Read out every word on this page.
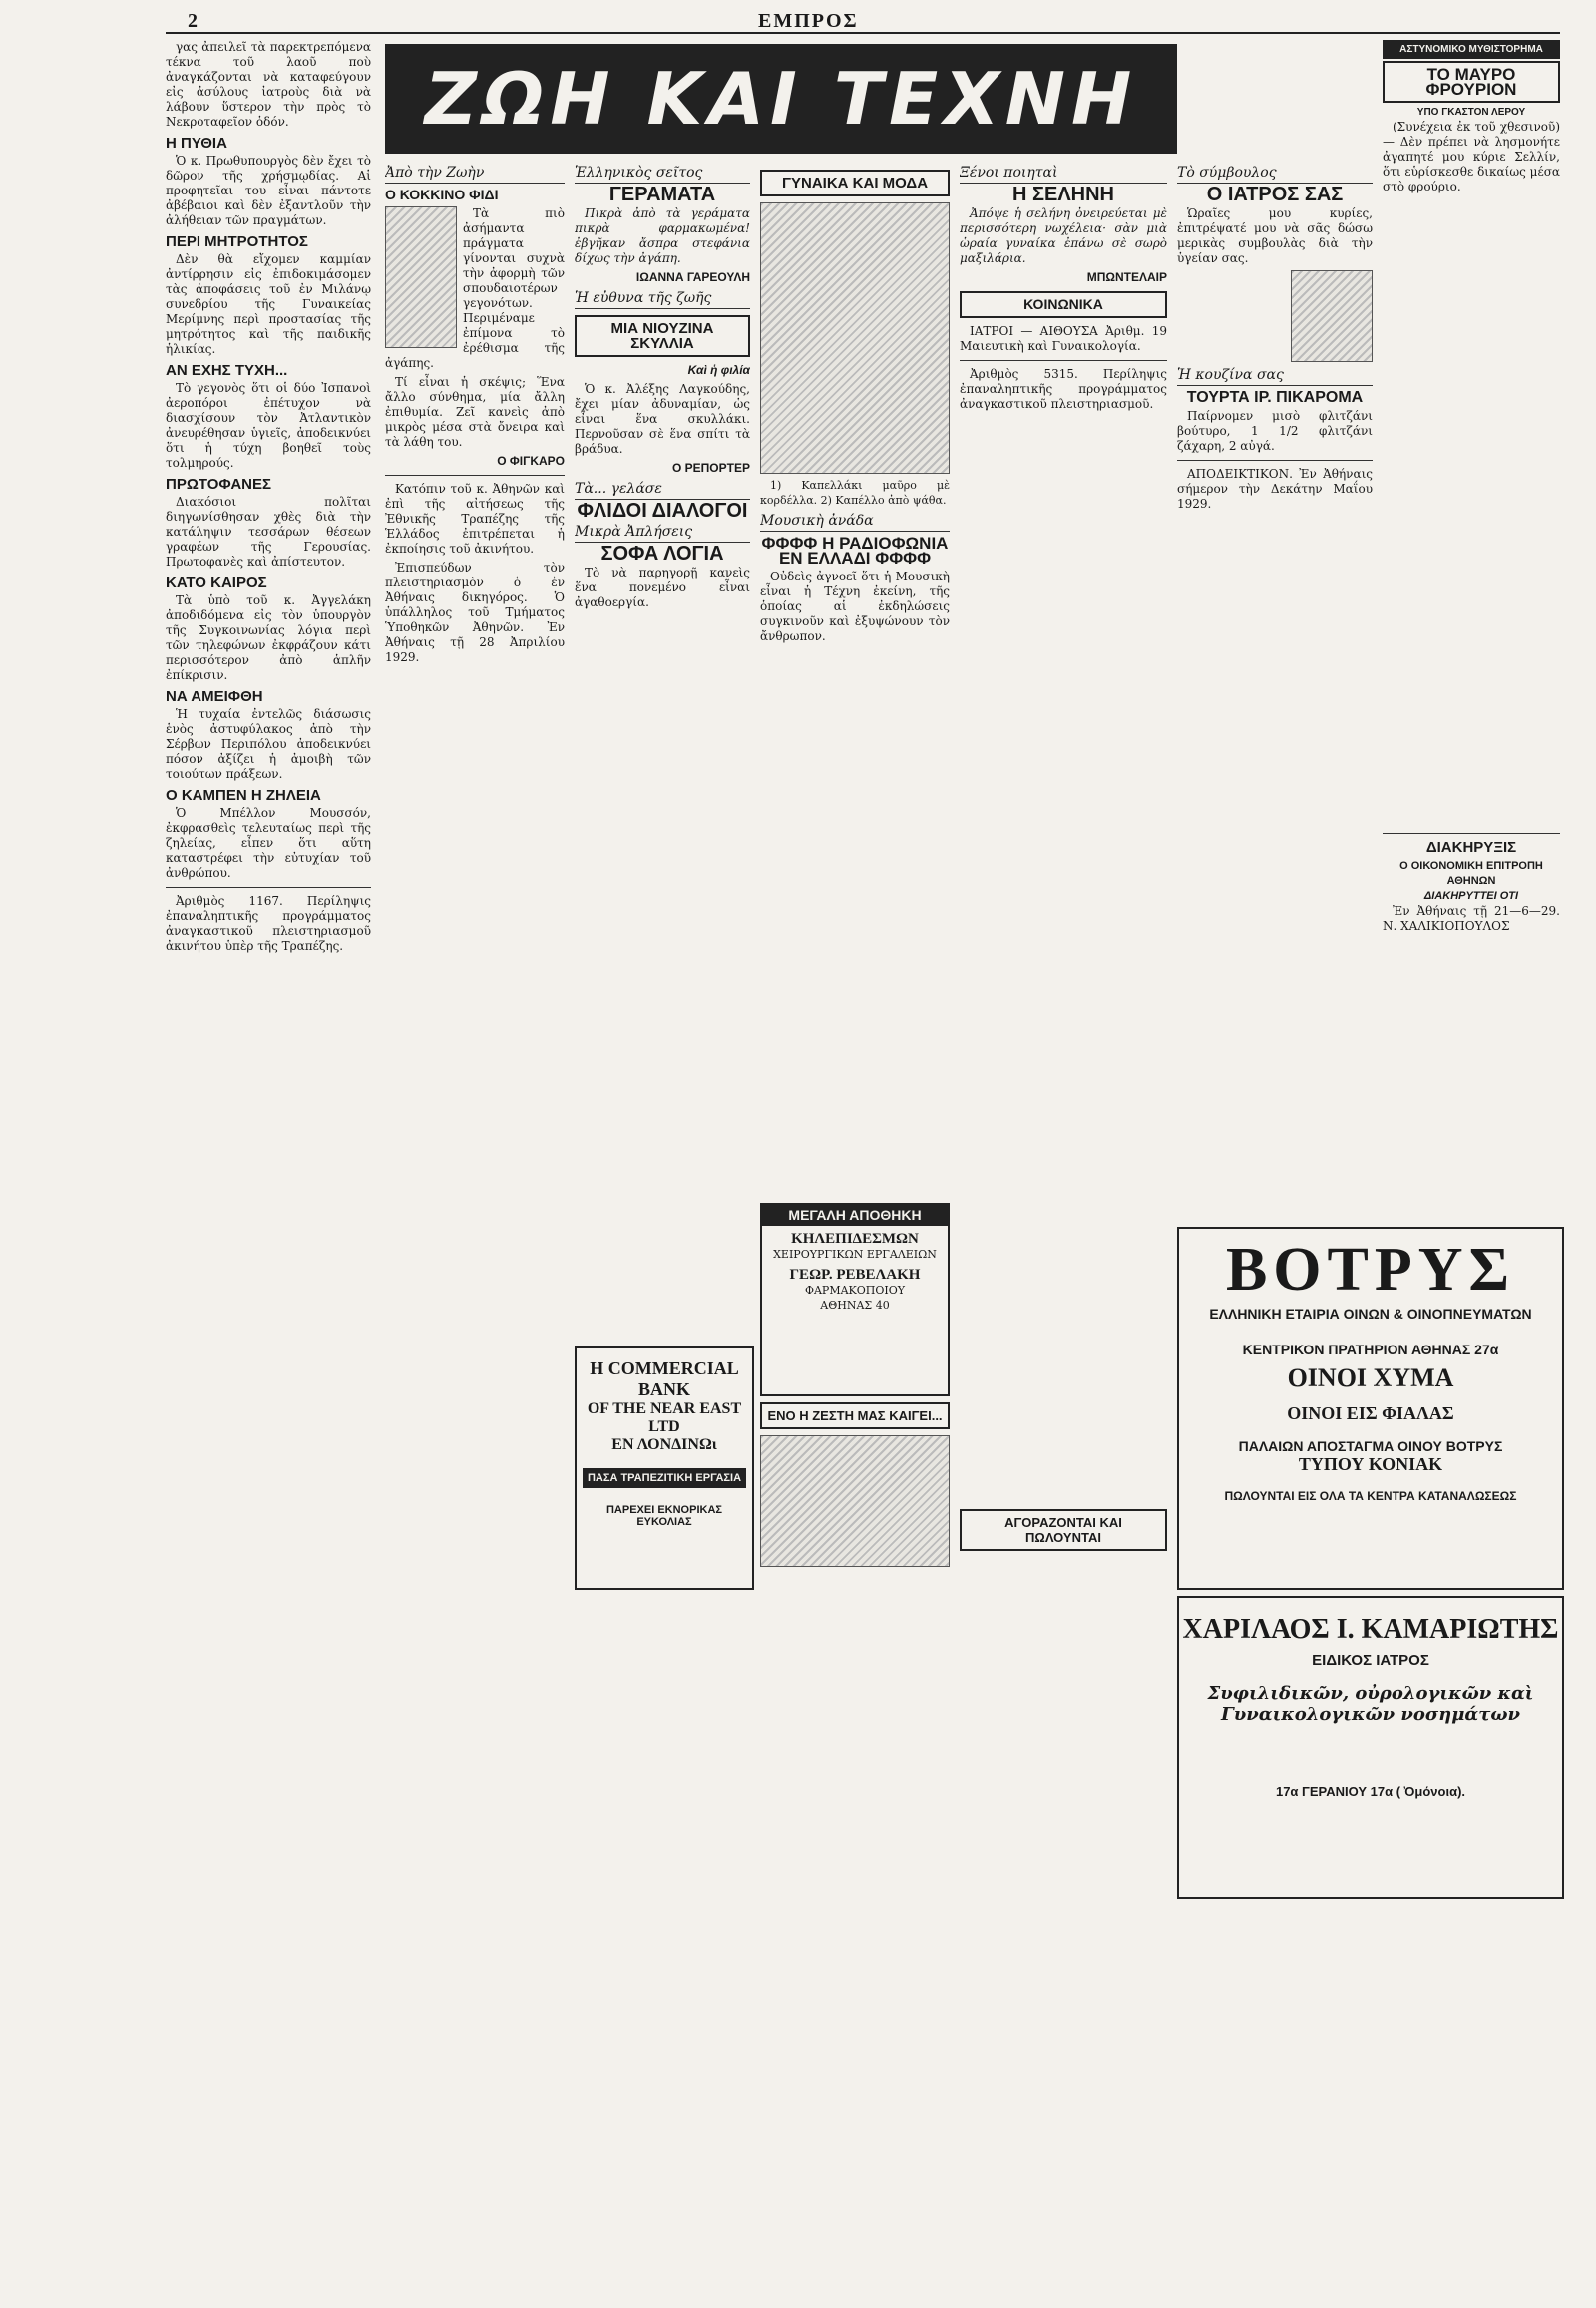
2	ΕΜΠΡΟΣ

γας ἀπειλεῖ τὰ παρεκτρεπόμενα τέκνα τοῦ λαοῦ ποὺ ἀναγκάζονται νὰ καταφεύγουν εἰς ἀσύλους ἰατροὺς διὰ νὰ λάβουν ὕστερον τὴν πρὸς τὸ Νεκροταφεῖον ὁδόν.

Η ΠΥΘΙΑ

Ὁ κ. Πρωθυπουργὸς δὲν ἔχει τὸ δῶρον τῆς χρήσμῳδίας. Αἱ προφητεῖαι του εἶναι πάντοτε ἀβέβαιοι καὶ δὲν ἐξαντλοῦν τὴν ἀλήθειαν τῶν πραγμάτων.

ΠΕΡΙ ΜΗΤΡΟΤΗΤΟΣ

Δὲν θὰ εἴχομεν καμμίαν ἀντίρρησιν εἰς ἐπιδοκιμάσομεν τὰς ἀποφάσεις τοῦ ἐν Μιλάνῳ συνεδρίου τῆς Γυναικείας Μερίμνης περὶ προστασίας τῆς μητρότητος καὶ τῆς παιδικῆς ἡλικίας.

ΑΝ ΕΧΗΣ ΤΥΧΗ...

Τὸ γεγονὸς ὅτι οἱ δύο Ἰσπανοὶ ἀεροπόροι ἐπέτυχον νὰ διασχίσουν τὸν Ἀτλαντικὸν ἀνευρέθησαν ὑγιεῖς, ἀποδεικνύει ὅτι ἡ τύχη βοηθεῖ τοὺς τολμηρούς.

ΠΡΩΤΟΦΑΝΕΣ

Διακόσιοι πολῖται διηγωνίσθησαν χθὲς διὰ τὴν κατάληψιν τεσσάρων θέσεων γραφέων τῆς Γερουσίας. Πρωτοφανὲς καὶ ἀπίστευτον.

ΚΑΤΟ ΚΑΙΡΟΣ

Τὰ ὑπὸ τοῦ κ. Ἀγγελάκη ἀποδιδόμενα εἰς τὸν ὑπουργὸν τῆς Συγκοινωνίας λόγια περὶ τῶν τηλεφώνων ἐκφράζουν κάτι περισσότερον ἀπὸ ἁπλῆν ἐπίκρισιν.

ΝΑ ΑΜΕΙΦΘΗ

Ἡ τυχαία ἐντελῶς διάσωσις ἑνὸς ἀστυφύλακος ἀπὸ τὴν Σέρβων Περιπόλου ἀποδεικνύει πόσον ἀξίζει ἡ ἀμοιβὴ τῶν τοιούτων πράξεων.

Ο ΚΑΜΠΕΝ Η ΖΗΛΕΙΑ

Ὁ Μπέλλον Μουσσόν, ἐκφρασθεὶς τελευταίως περὶ τῆς ζηλείας, εἶπεν ὅτι αὕτη καταστρέφει τὴν εὐτυχίαν τοῦ ἀνθρώπου.

Ἀριθμὸς 1167. Περίληψις ἐπαναληπτικῆς προγράμματος ἀναγκαστικοῦ πλειστηριασμοῦ ἀκινήτου ὑπὲρ τῆς Τραπέζης.

ΖΩΗ ΚΑΙ ΤΕΧΝΗ
Ἀπὸ τὴν Ζωὴν
Ο ΚΟΚΚΙΝΟ ΦΙΔΙ

Τὰ πιὸ ἀσήμαντα πράγματα γίνονται συχνὰ τὴν ἀφορμὴ τῶν σπουδαιοτέρων γεγονότων. Περιμέναμε ἐπίμονα τὸ ἐρέθισμα τῆς ἀγάπης.

Τί εἶναι ἡ σκέψις; Ἕνα ἄλλο σύνθημα, μία ἄλλη ἐπιθυμία. Ζεῖ κανεὶς ἀπὸ μικρὸς μέσα στὰ ὄνειρα καὶ τὰ λάθη του.

Ο ΦΙΓΚΑΡΟ

Κατόπιν τοῦ κ. Ἀθηνῶν καὶ ἐπὶ τῆς αἰτήσεως τῆς Ἐθνικῆς Τραπέζης τῆς Ἑλλάδος ἐπιτρέπεται ἡ ἐκποίησις τοῦ ἀκινήτου.

Ἐπισπεύδων τὸν πλειστηριασμὸν ὁ ἐν Ἀθήναις δικηγόρος. Ὁ ὑπάλληλος τοῦ Τμήματος Ὑποθηκῶν Ἀθηνῶν. Ἐν Ἀθήναις τῇ 28 Ἀπριλίου 1929.

Ἑλληνικὸς σεῖτος
ΓΕΡΑΜΑΤΑ

Πικρὰ ἀπὸ τὰ γεράματα πικρὰ φαρμακωμένα! ἐβγῆκαν ἄσπρα στεφάνια δίχως τὴν ἀγάπη.

ΙΩΑΝΝΑ ΓΑΡΕΟΥΛΗ
Ἡ εὐθυνα τῆς ζωῆς
ΜΙΑ ΝΙΟΥΖΙΝΑ ΣΚΥΛΛΙΑ
Καὶ ἡ φιλία

Ὁ κ. Ἀλέξης Λαγκούδης, ἔχει μίαν ἀδυναμίαν, ὡς εἶναι ἕνα σκυλλάκι. Περνοῦσαν σὲ ἕνα σπίτι τὰ βράδυα.

Ο ΡΕΠΟΡΤΕΡ
Τὰ... γελάσε
ΦΛΙΔΟΙ ΔΙΑΛΟΓΟΙ
Μικρὰ Ἀπλήσεις
ΣΟΦΑ ΛΟΓΙΑ

Τὸ νὰ παρηγορῇ κανεὶς ἕνα πονεμένο εἶναι ἀγαθοεργία.

Η COMMERCIAL BANK
OF THE NEAR EAST LTD
ΕΝ ΛΟΝΔΙΝΩι
ΠΑΣΑ ΤΡΑΠΕΖΙΤΙΚΗ ΕΡΓΑΣΙΑ
ΠΑΡΕΧΕΙ ΕΚΝΟΡΙΚΑΣ ΕΥΚΟΛΙΑΣ
ΓΥΝΑΙΚΑ ΚΑΙ ΜΟΔΑ

1) Καπελλάκι μαῦρο μὲ κορδέλλα. 2) Καπέλλο ἀπὸ ψάθα.

Μουσικὴ ἀνάδα
ΦΦΦΦ Η ΡΑΔΙΟΦΩΝΙΑ ΕΝ ΕΛΛΑΔΙ ΦΦΦΦ

Οὐδεὶς ἀγνοεῖ ὅτι ἡ Μουσικὴ εἶναι ἡ Τέχνη ἐκείνη, τῆς ὁποίας αἱ ἐκδηλώσεις συγκινοῦν καὶ ἐξυψώνουν τὸν ἄνθρωπον.

ΜΕΓΑΛΗ ΑΠΟΘΗΚΗ
ΚΗΛΕΠΙΔΕΣΜΩΝ
ΧΕΙΡΟΥΡΓΙΚΩΝ ΕΡΓΑΛΕΙΩΝ
ΓΕΩΡ. ΡΕΒΕΛΑΚΗ
ΦΑΡΜΑΚΟΠΟΙΟΥ
ΑΘΗΝΑΣ 40
ΕΝΟ Η ΖΕΣΤΗ ΜΑΣ ΚΑΙΓΕΙ...
Ξένοι ποιηταὶ
Η ΣΕΛΗΝΗ

Ἀπόψε ἡ σελήνη ὀνειρεύεται μὲ περισσότερη νωχέλεια· σὰν μιὰ ὡραία γυναίκα ἐπάνω σὲ σωρὸ μαξιλάρια.

ΜΠΩΝΤΕΛΑΙΡ
ΚΟΙΝΩΝΙΚΑ

ΙΑΤΡΟΙ — ΑΙΘΟΥΣΑ Ἀριθμ. 19 Μαιευτικὴ καὶ Γυναικολογία.

Ἀριθμὸς 5315. Περίληψις ἐπαναληπτικῆς προγράμματος ἀναγκαστικοῦ πλειστηριασμοῦ.

ΑΓΟΡΑΖΟΝΤΑΙ ΚΑΙ ΠΩΛΟΥΝΤΑΙ
Τὸ σύμβουλος
Ο ΙΑΤΡΟΣ ΣΑΣ

Ὡραῖες μου κυρίες, ἐπιτρέψατέ μου νὰ σᾶς δώσω μερικὰς συμβουλὰς διὰ τὴν ὑγείαν σας.

Ἡ κουζίνα σας
ΤΟΥΡΤΑ ΙΡ. ΠΙΚΑΡΟΜΑ

Παίρνομεν μισὸ φλιτζάνι βούτυρο, 1 1/2 φλιτζάνι ζάχαρη, 2 αὐγά.

ΑΠΟΔΕΙΚΤΙΚΟΝ. Ἐν Ἀθήναις σήμερον τὴν Δεκάτην Μαΐου 1929.

ΑΣΤΥΝΟΜΙΚΟ ΜΥΘΙΣΤΟΡΗΜΑ
ΤΟ ΜΑΥΡΟ ΦΡΟΥΡΙΟΝ
ΥΠΟ ΓΚΑΣΤΟΝ ΛΕΡΟΥ

(Συνέχεια ἐκ τοῦ χθεσινοῦ) — Δὲν πρέπει νὰ λησμονήτε ἀγαπητέ μου κύριε Σελλίν, ὅτι εὑρίσκεσθε δικαίως μέσα στὸ φρούριο.

ΔΙΑΚΗΡΥΞΙΣ
Ο ΟΙΚΟΝΟΜΙΚΗ ΕΠΙΤΡΟΠΗ ΑΘΗΝΩΝ
ΔΙΑΚΗΡΥΤΤΕΙ ΟΤΙ

Ἐν Ἀθήναις τῇ 21—6—29. Ν. ΧΑΛΙΚΙΟΠΟΥΛΟΣ

ΒΟΤΡΥΣ
ΕΛΛΗΝΙΚΗ ΕΤΑΙΡΙΑ ΟΙΝΩΝ & ΟΙΝΟΠΝΕΥΜΑΤΩΝ
ΚΕΝΤΡΙΚΟΝ ΠΡΑΤΗΡΙΟΝ ΑΘΗΝΑΣ 27α
ΟΙΝΟΙ ΧΥΜΑ
ΟΙΝΟΙ ΕΙΣ ΦΙΑΛΑΣ
ΠΑΛΑΙΩΝ ΑΠΟΣΤΑΓΜΑ ΟΙΝΟΥ ΒΟΤΡΥΣ
ΤΥΠΟΥ ΚΟΝΙΑΚ
ΠΩΛΟΥΝΤΑΙ ΕΙΣ ΟΛΑ ΤΑ ΚΕΝΤΡΑ ΚΑΤΑΝΑΛΩΣΕΩΣ
ΧΑΡΙΛΑΟΣ Ι. ΚΑΜΑΡΙΩΤΗΣ
ΕΙΔΙΚΟΣ ΙΑΤΡΟΣ
Συφιλιδικῶν, οὐρολογικῶν καὶ Γυναικολογικῶν νοσημάτων
17α ΓΕΡΑΝΙΟΥ 17α ( Ὀμόνοια).
